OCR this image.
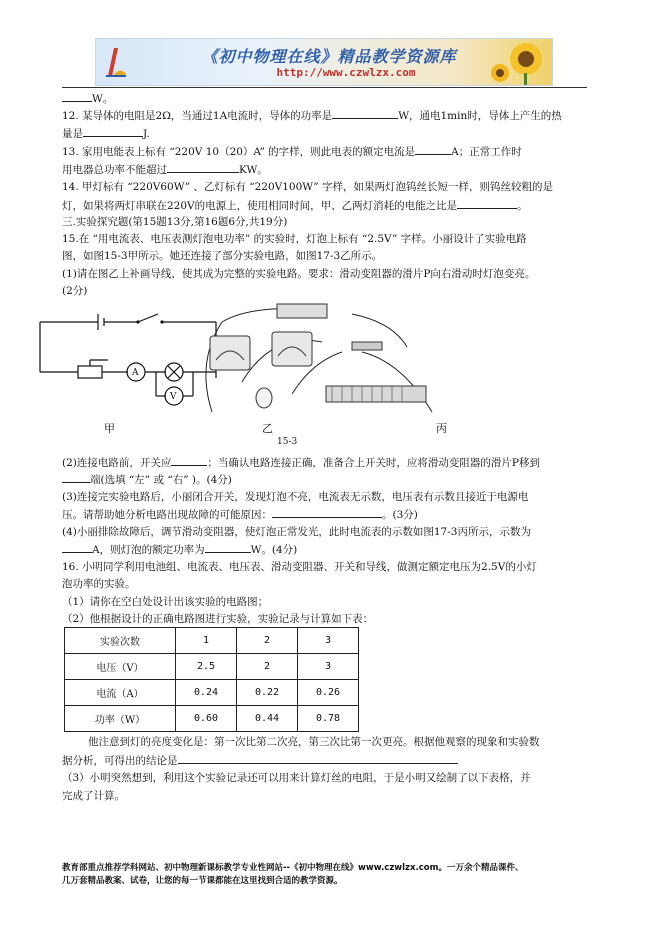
《初中物理在线》精品教学资源库
http://www.czwlzx.com
W。
12. 某导体的电阻是2Ω，当通过1A电流时，导体的功率是	W，通电1min时，导体上产生的热
量是	J.
13. 家用电能表上标有 “220V 10（20）A” 的字样，则此电表的额定电流是	A；正常工作时
用电器总功率不能超过	KW。
14. 甲灯标有 “220V60W” 、乙灯标有 “220V100W” 字样，如果两灯泡钨丝长短一样，则钨丝较粗的是
灯，如果将两灯串联在220V的电源上，使用相同时间，甲、乙两灯消耗的电能之比是	。
三.实验探究题(第15题13分,第16题6分,共19分)
15.在 “用电流表、电压表测灯泡电功率” 的实验时，灯泡上标有 “2.5V” 字样。小丽设计了实验电路
图，如图15-3甲所示。她还连接了部分实验电路，如图17-3乙所示。
(1)请在图乙上补画导线，使其成为完整的实验电路。要求：滑动变阻器的滑片P向右滑动时灯泡变亮。
(2分)
A
V
甲	乙	丙
15-3
(2)连接电路前，开关应	；当确认电路连接正确，准备合上开关时，应将滑动变阻器的滑片P移到
端(选填 “左” 或 “右” )。(4分)
(3)连接完实验电路后，小丽闭合开关，发现灯泡不亮，电流表无示数，电压表有示数且接近于电源电
压。请帮助她分析电路出现故障的可能原因：	。(3分)
(4)小丽排除故障后，调节滑动变阻器，使灯泡正常发光，此时电流表的示数如图17-3丙所示，示数为
A，则灯泡的额定功率为	W。(4分)
16. 小明同学利用电池组、电流表、电压表、滑动变阻器、开关和导线，做测定额定电压为2.5V的小灯
泡功率的实验。
（1）请你在空白处设计出该实验的电路图；
（2）他根据设计的正确电路图进行实验，实验记录与计算如下表：
实验次数	1	2	3
电压（V）	2.5	2	3
电流（A）	0.24	0.22	0.26
功率（W）	0.60	0.44	0.78
他注意到灯的亮度变化是：第一次比第二次亮，第三次比第一次更亮。根据他观察的现象和实验数
据分析，可得出的结论是
（3）小明突然想到，利用这个实验记录还可以用来计算灯丝的电阻，于是小明又绘制了以下表格，并
完成了计算。
教育部重点推荐学科网站、初中物理新课标教学专业性网站--《初中物理在线》www.czwlzx.com。一万余个精品课件、
几万套精品教案、试卷，让您的每一节课都能在这里找到合适的教学资源。
